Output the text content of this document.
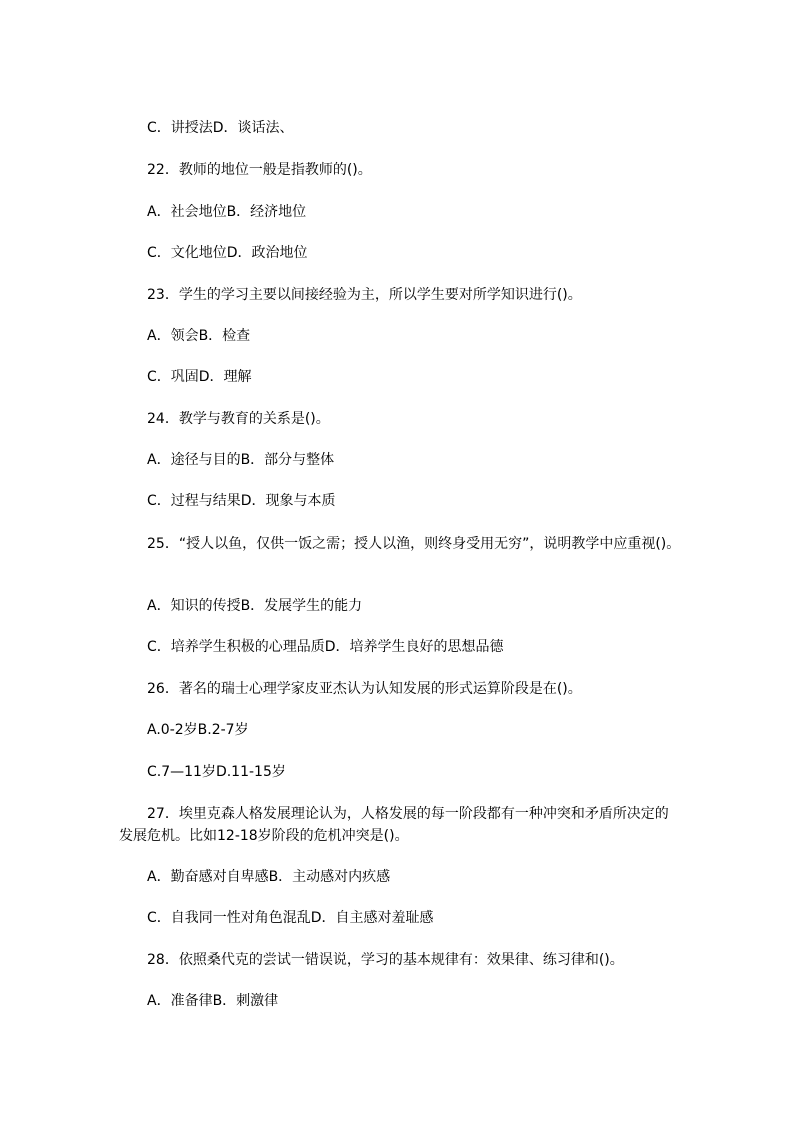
C．讲授法D．谈话法、
22．教师的地位一般是指教师的()。
A．社会地位B．经济地位
C．文化地位D．政治地位
23．学生的学习主要以间接经验为主，所以学生要对所学知识进行()。
A．领会B．检查
C．巩固D．理解
24．教学与教育的关系是()。
A．途径与目的B．部分与整体
C．过程与结果D．现象与本质
25．“授人以鱼，仅供一饭之需；授人以渔，则终身受用无穷”，说明教学中应重视()。
A．知识的传授B．发展学生的能力
C．培养学生积极的心理品质D．培养学生良好的思想品德
26．著名的瑞士心理学家皮亚杰认为认知发展的形式运算阶段是在()。
A.0-2岁B.2-7岁
C.7—11岁D.11-15岁
27．埃里克森人格发展理论认为，人格发展的每一阶段都有一种冲突和矛盾所决定的
发展危机。比如12-18岁阶段的危机冲突是()。
A．勤奋感对自卑感B．主动感对内疚感
C．自我同一性对角色混乱D．自主感对羞耻感
28．依照桑代克的尝试一错误说，学习的基本规律有：效果律、练习律和()。
A．准备律B．刺激律
